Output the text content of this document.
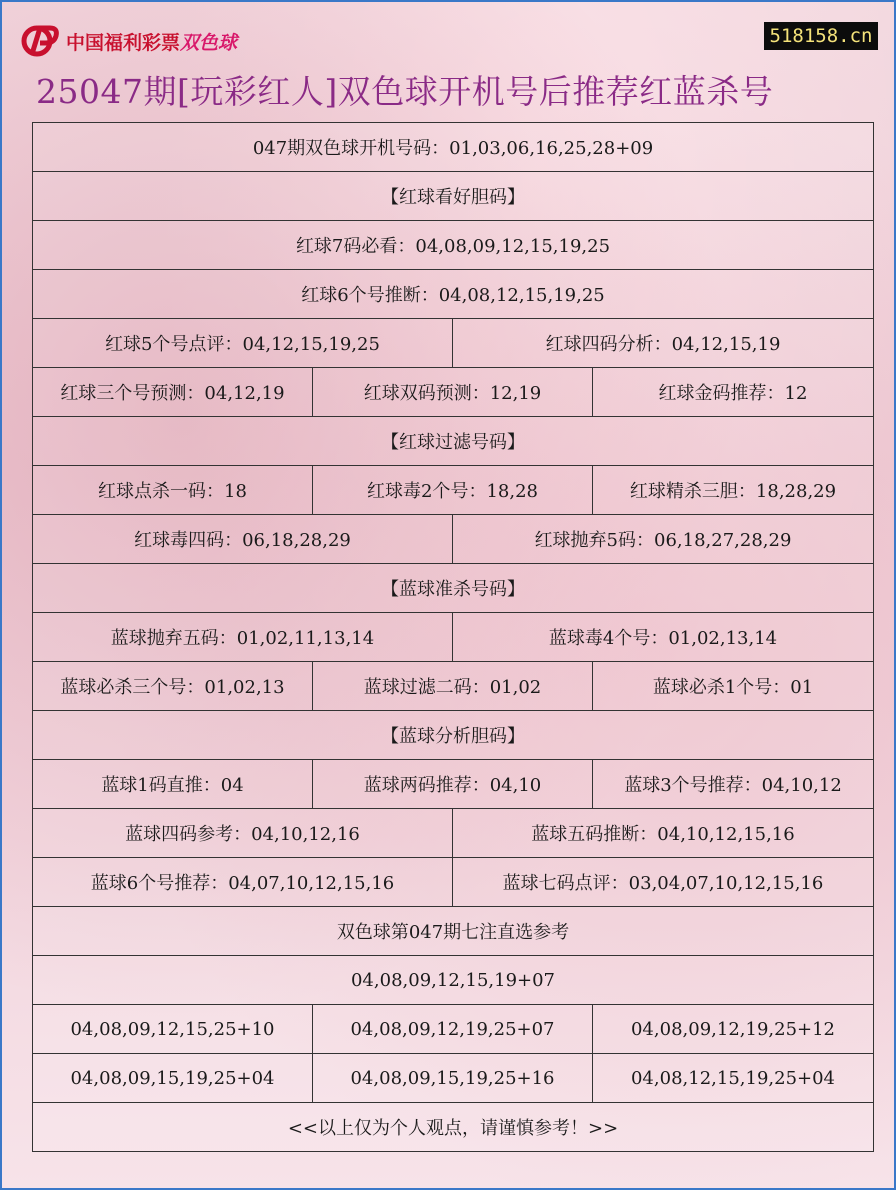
中国福利彩票双色球	518158.cn
25047期[玩彩红人]双色球开机号后推荐红蓝杀号
047期双色球开机号码：01,03,06,16,25,28+09			
【红球看好胆码】			
红球7码必看：04,08,09,12,15,19,25			
红球6个号推断：04,08,12,15,19,25			
红球5个号点评：04,12,15,19,25		红球四码分析：04,12,15,19	
红球三个号预测：04,12,19	红球双码预测：12,19		红球金码推荐：12
【红球过滤号码】			
红球点杀一码：18	红球毒2个号：18,28		红球精杀三胆：18,28,29
红球毒四码：06,18,28,29		红球抛弃5码：06,18,27,28,29	
【蓝球准杀号码】			
蓝球抛弃五码：01,02,11,13,14		蓝球毒4个号：01,02,13,14	
蓝球必杀三个号：01,02,13	蓝球过滤二码：01,02		蓝球必杀1个号：01
【蓝球分析胆码】			
蓝球1码直推：04	蓝球两码推荐：04,10		蓝球3个号推荐：04,10,12
蓝球四码参考：04,10,12,16		蓝球五码推断：04,10,12,15,16	
蓝球6个号推荐：04,07,10,12,15,16		蓝球七码点评：03,04,07,10,12,15,16	
双色球第047期七注直选参考			
04,08,09,12,15,19+07			
04,08,09,12,15,25+10	04,08,09,12,19,25+07		04,08,09,12,19,25+12
04,08,09,15,19,25+04	04,08,09,15,19,25+16		04,08,12,15,19,25+04
<<以上仅为个人观点，请谨慎参考！>>			
